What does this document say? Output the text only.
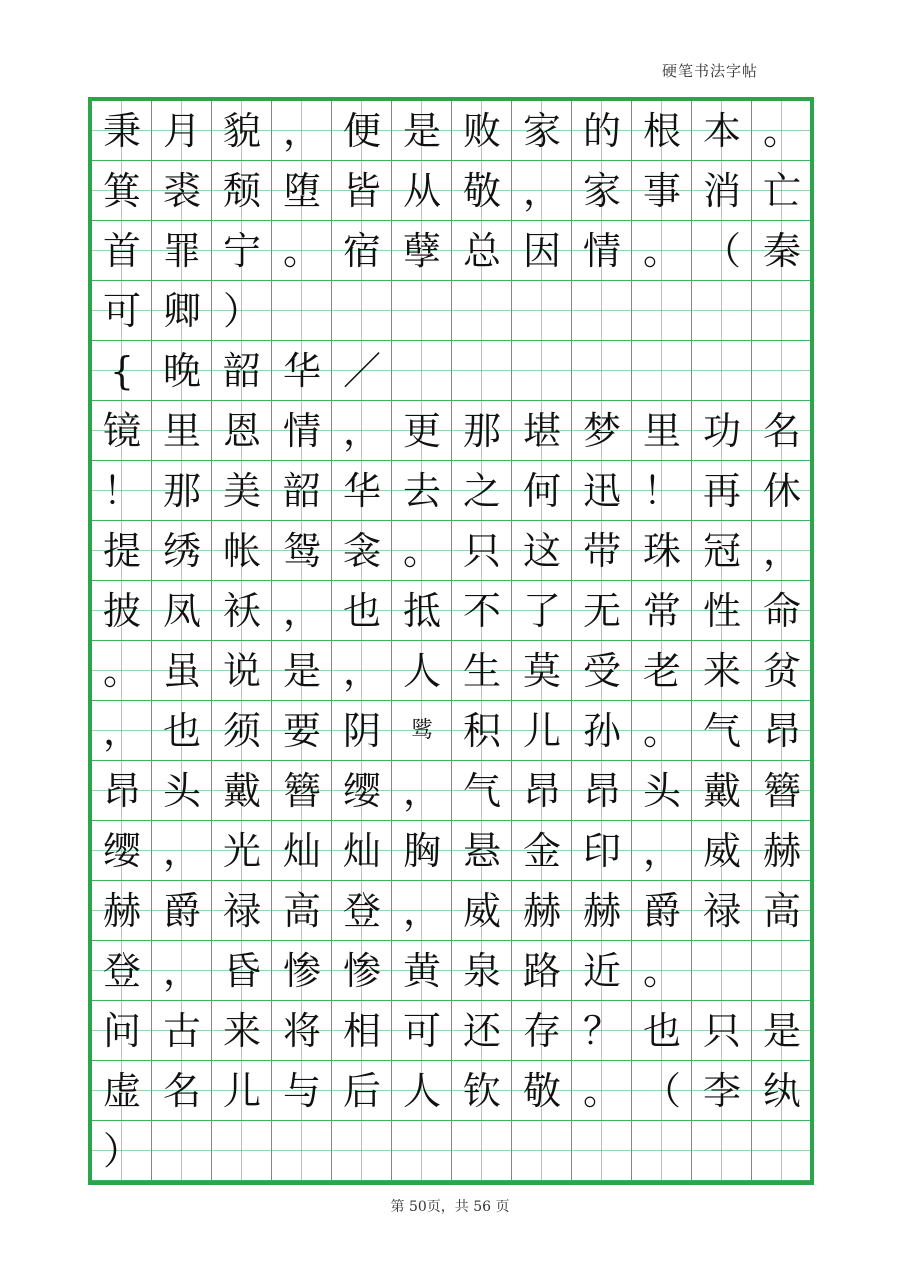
硬笔书法字帖
秉 月 貌 ， 便 是 败 家 的 根 本 。
箕 裘 颓 堕 皆 从 敬 ， 家 事 消 亡
首 罪 宁 。 宿 孽 总 因 情 。 （ 秦
可 卿 ）
{ 晚 韶 华 ／
镜 里 恩 情 ， 更 那 堪 梦 里 功 名
！ 那 美 韶 华 去 之 何 迅 ！ 再 休
提 绣 帐 鸳 衾 。 只 这 带 珠 冠 ，
披 凤 袄 ， 也 抵 不 了 无 常 性 命
。 虽 说 是 ， 人 生 莫 受 老 来 贫
， 也 须 要 阴	骘 积 儿 孙 。 气 昂
昂 头 戴 簪 缨 ， 气 昂 昂 头 戴 簪
缨 ， 光 灿 灿 胸 悬 金 印 ， 威 赫
赫 爵 禄 高 登 ， 威 赫 赫 爵 禄 高
登 ， 昏 惨 惨 黄 泉 路 近 。
问 古 来 将 相 可 还 存 ？ 也 只 是
虚 名 儿 与 后 人 钦 敬 。 （ 李 纨
）
第 50页，共 56 页
